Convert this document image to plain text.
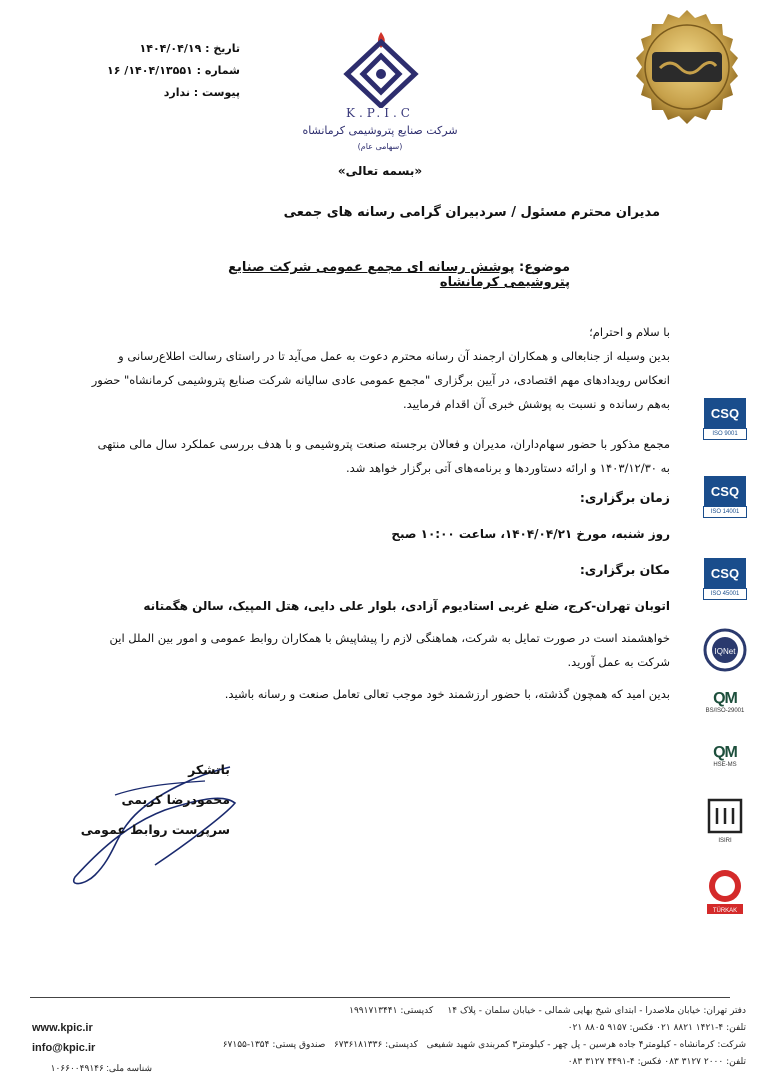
تاریخ : ۱۴۰۴/۰۴/۱۹
شماره : ۱۴۰۴/۱۳۵۵۱/ ۱۶
پیوست : ندارد
K.P.I.C
شرکت صنایع پتروشیمی کرمانشاه
(سهامی عام)
«بسمه تعالی»
مدیران محترم مسئول / سردبیران گرامی رسانه های جمعی
موضوع: پوشش رسانه ای مجمع عمومی شرکت صنایع پتروشیمی کرمانشاه
با سلام و احترام؛
بدین وسیله از جنابعالی و همکاران ارجمند آن رسانه محترم دعوت به عمل می‌آید تا در راستای رسالت اطلاع‌رسانی و انعکاس رویدادهای مهم اقتصادی، در آیین برگزاری "مجمع عمومی عادی سالیانه شرکت صنایع پتروشیمی کرمانشاه" حضور به‌هم رسانده و نسبت به پوشش خبری آن اقدام فرمایید.
مجمع مذکور با حضور سهام‌داران، مدیران و فعالان برجسته صنعت پتروشیمی و با هدف بررسی عملکرد سال مالی منتهی به ۱۴۰۳/۱۲/۳۰ و ارائه دستاوردها و برنامه‌های آتی برگزار خواهد شد.
زمان برگزاری:
روز شنبه، مورخ ۱۴۰۴/۰۴/۲۱، ساعت ۱۰:۰۰ صبح
مکان برگزاری:
اتوبان تهران-کرج، ضلع غربی استادیوم آزادی، بلوار علی دایی، هتل المپیک، سالن هگمتانه
خواهشمند است در صورت تمایل به شرکت، هماهنگی لازم را پیشاپیش با همکاران روابط عمومی و امور بین الملل این شرکت به عمل آورید.
بدین امید که همچون گذشته، با حضور ارزشمند خود موجب تعالی تعامل صنعت و رسانه باشید.
باتشکر
محمودرضا کریمی
سرپرست روابط عمومی
CSQ
ISO 9001
CSQ
ISO 14001
CSQ
ISO 45001
IQNet
QM
BS/ISO-29001
QM
HSE-MS
ISIRI
TÜRKAK
www.kpic.ir
info@kpic.ir
شناسه ملی: ۱۰۶۶۰۰۴۹۱۴۶
دفتر تهران: خیابان ملاصدرا - ابتدای شیخ بهایی شمالی - خیابان سلمان - پلاک ۱۴     کدپستی: ۱۹۹۱۷۱۳۴۴۱
تلفن: ۴-۱۴۲۱ ۸۸۲۱ ۰۲۱ فکس: ۹۱۵۷ ۸۸۰۵ ۰۲۱
شرکت: کرمانشاه - کیلومتر۴ جاده هرسین - پل چهر - کیلومتر۳ کمربندی شهید شفیعی   کدپستی: ۶۷۳۶۱۸۱۳۳۶   صندوق پستی: ۱۳۵۴-۶۷۱۵۵
تلفن: ۲۰۰۰ ۳۱۲۷ ۰۸۳ فکس: ۴-۴۴۹۱ ۳۱۲۷ ۰۸۳
